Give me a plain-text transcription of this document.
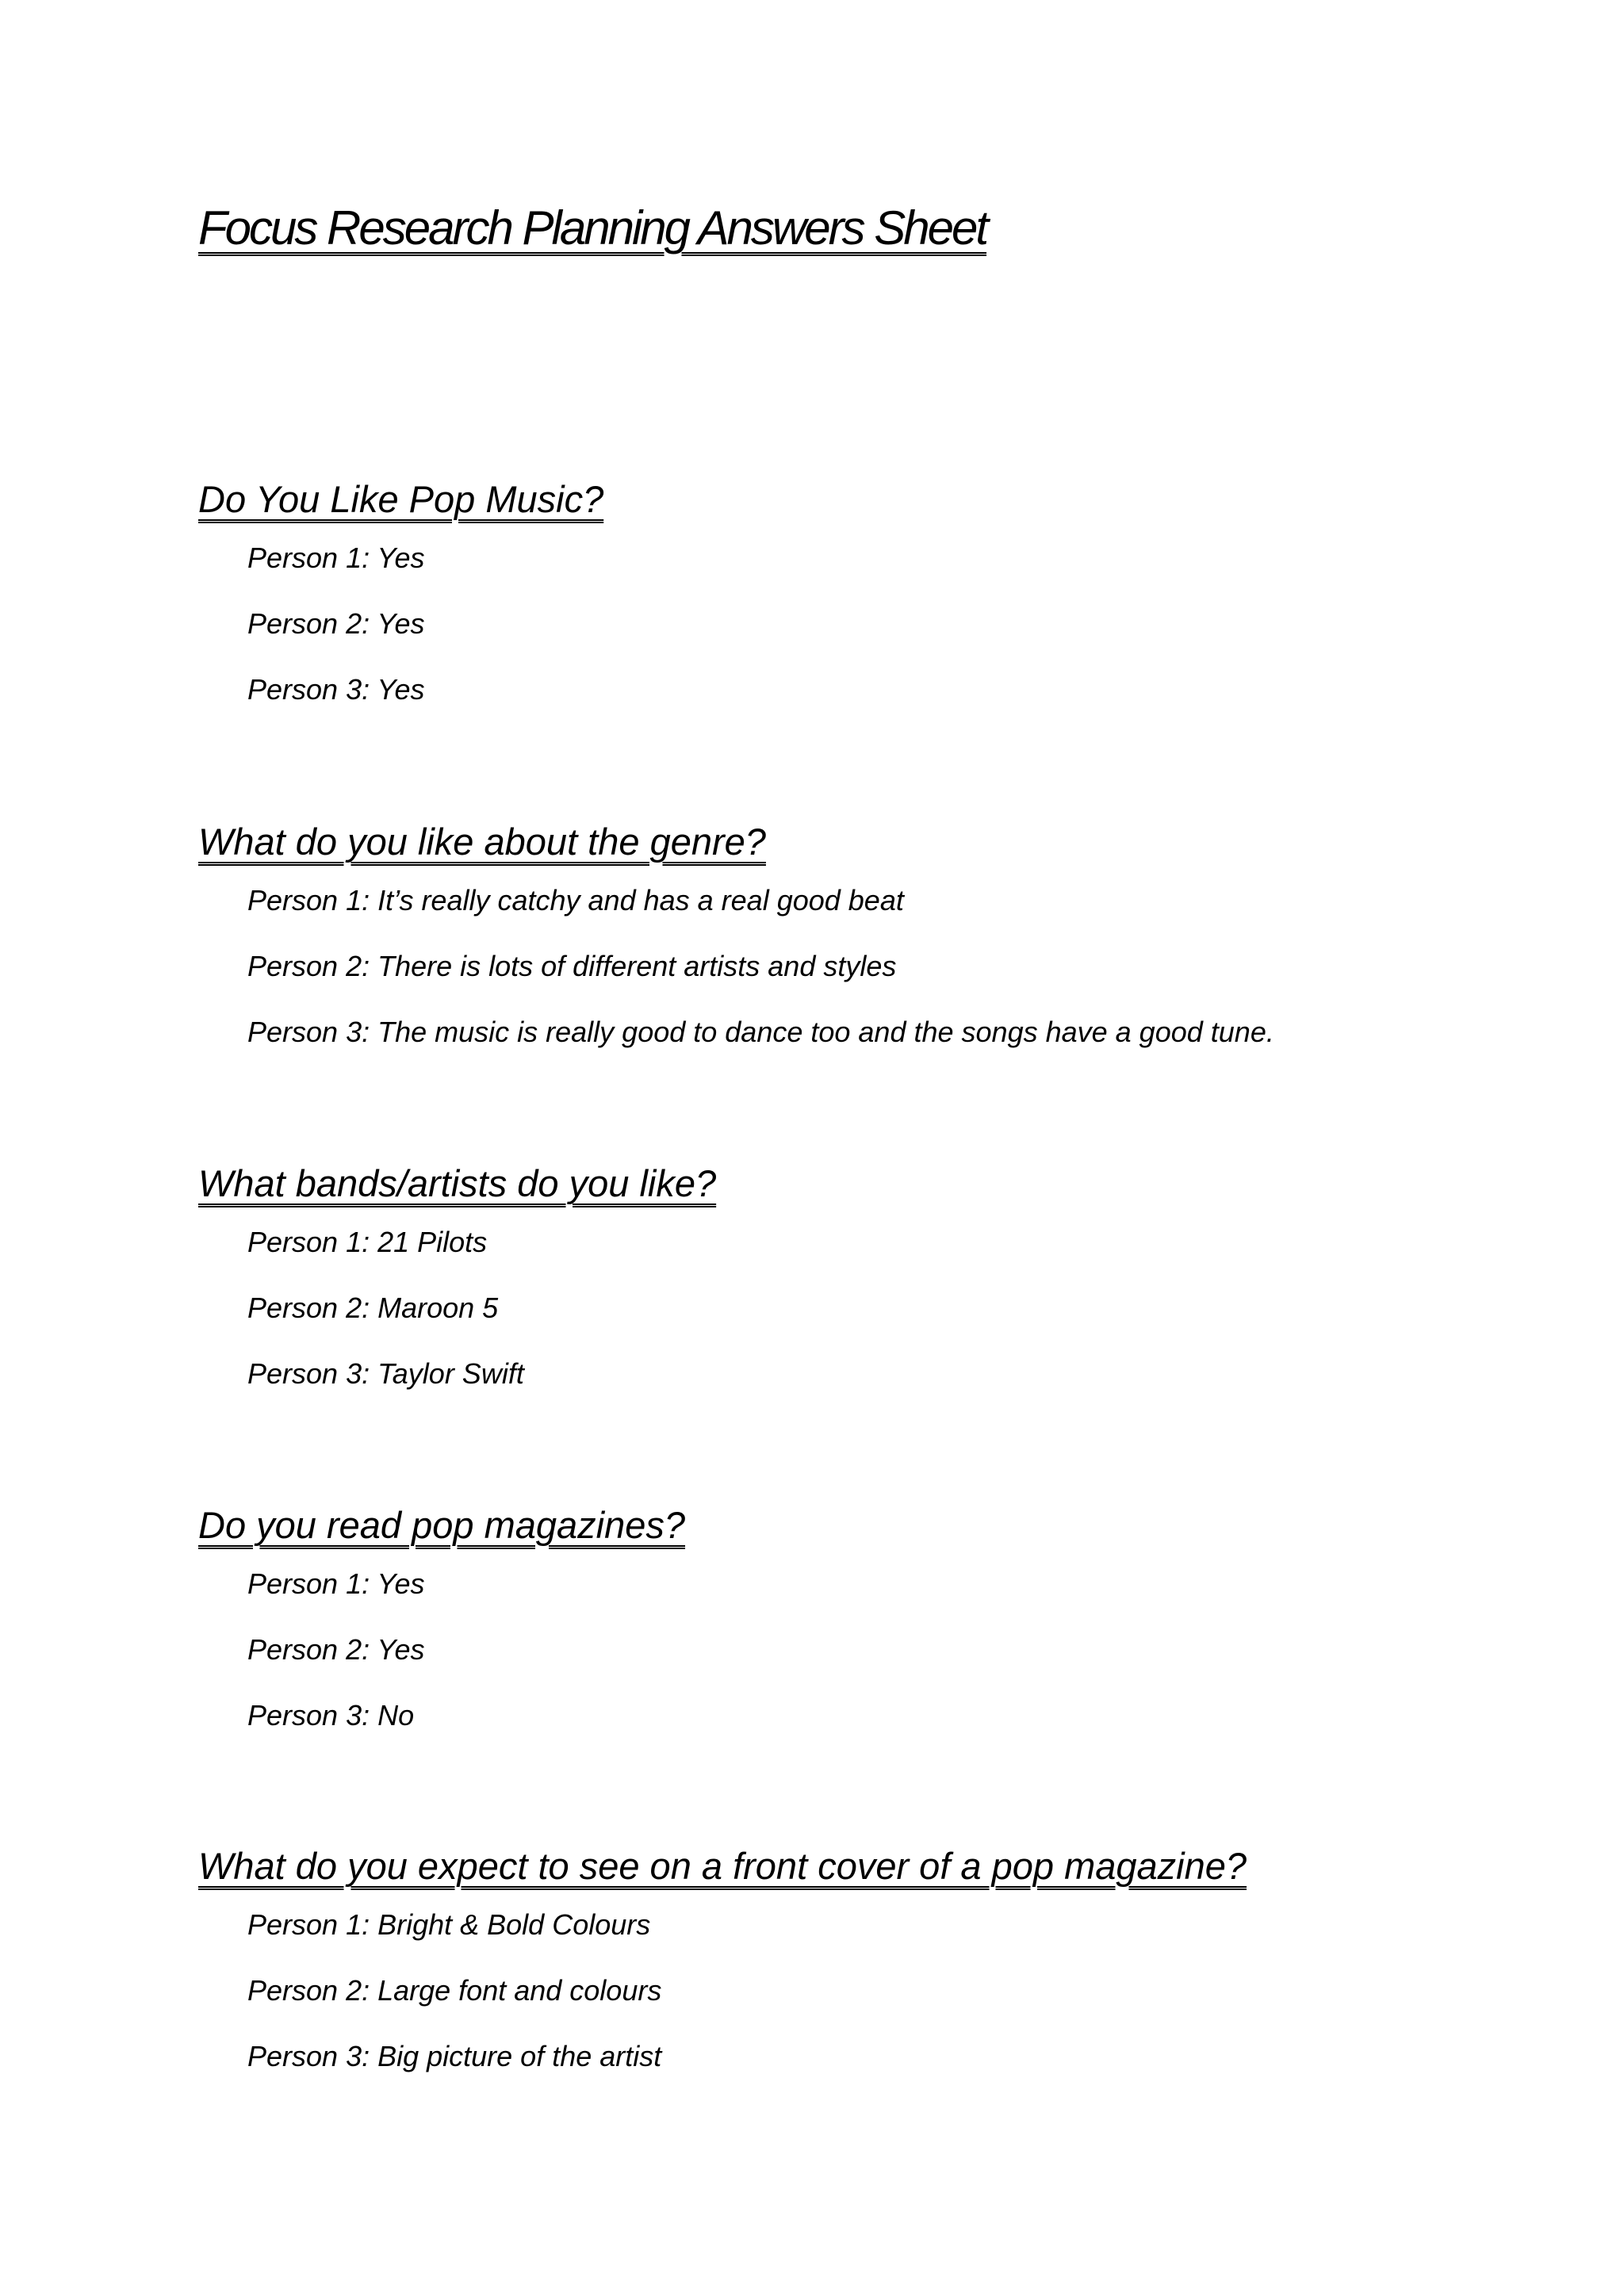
Focus Research Planning Answers Sheet
Do You Like Pop Music?
Person 1: Yes
Person 2: Yes
Person 3: Yes
What do you like about the genre?
Person 1: It’s really catchy and has a real good beat
Person 2: There is lots of different artists and styles
Person 3: The music is really good to dance too and the songs have a good tune.
What bands/artists do you like?
Person 1: 21 Pilots
Person 2: Maroon 5
Person 3: Taylor Swift
Do you read pop magazines?
Person 1: Yes
Person 2: Yes
Person 3: No
What do you expect to see on a front cover of a pop magazine?
Person 1: Bright & Bold Colours
Person 2: Large font and colours
Person 3: Big picture of the artist
